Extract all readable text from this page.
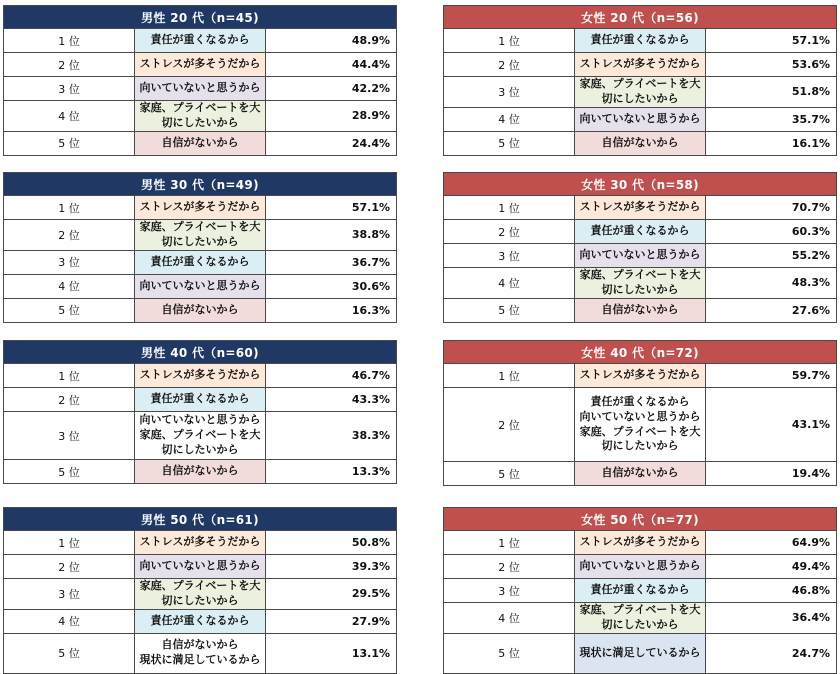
男性 20 代（n=45)		
1 位	責任が重くなるから	48.9%
2 位	ストレスが多そうだから	44.4%
3 位	向いていないと思うから	42.2%
4 位	家庭、プライベートを大切にしたいから	28.9%
5 位	自信がないから	24.4%
女性 20 代（n=56)		
1 位	責任が重くなるから	57.1%
2 位	ストレスが多そうだから	53.6%
3 位	家庭、プライベートを大切にしたいから	51.8%
4 位	向いていないと思うから	35.7%
5 位	自信がないから	16.1%
男性 30 代（n=49)		
1 位	ストレスが多そうだから	57.1%
2 位	家庭、プライベートを大切にしたいから	38.8%
3 位	責任が重くなるから	36.7%
4 位	向いていないと思うから	30.6%
5 位	自信がないから	16.3%
女性 30 代（n=58)		
1 位	ストレスが多そうだから	70.7%
2 位	責任が重くなるから	60.3%
3 位	向いていないと思うから	55.2%
4 位	家庭、プライベートを大切にしたいから	48.3%
5 位	自信がないから	27.6%
男性 40 代（n=60)		
1 位	ストレスが多そうだから	46.7%
2 位	責任が重くなるから	43.3%
3 位	向いていないと思うから
家庭、プライベートを大切にしたいから	38.3%
5 位	自信がないから	13.3%
女性 40 代（n=72)		
1 位	ストレスが多そうだから	59.7%
2 位	責任が重くなるから
向いていないと思うから
家庭、プライベートを大切にしたいから	43.1%
5 位	自信がないから	19.4%
男性 50 代（n=61)		
1 位	ストレスが多そうだから	50.8%
2 位	向いていないと思うから	39.3%
3 位	家庭、プライベートを大切にしたいから	29.5%
4 位	責任が重くなるから	27.9%
5 位	自信がないから
現状に満足しているから	13.1%
女性 50 代（n=77)		
1 位	ストレスが多そうだから	64.9%
2 位	向いていないと思うから	49.4%
3 位	責任が重くなるから	46.8%
4 位	家庭、プライベートを大切にしたいから	36.4%
5 位	現状に満足しているから	24.7%
